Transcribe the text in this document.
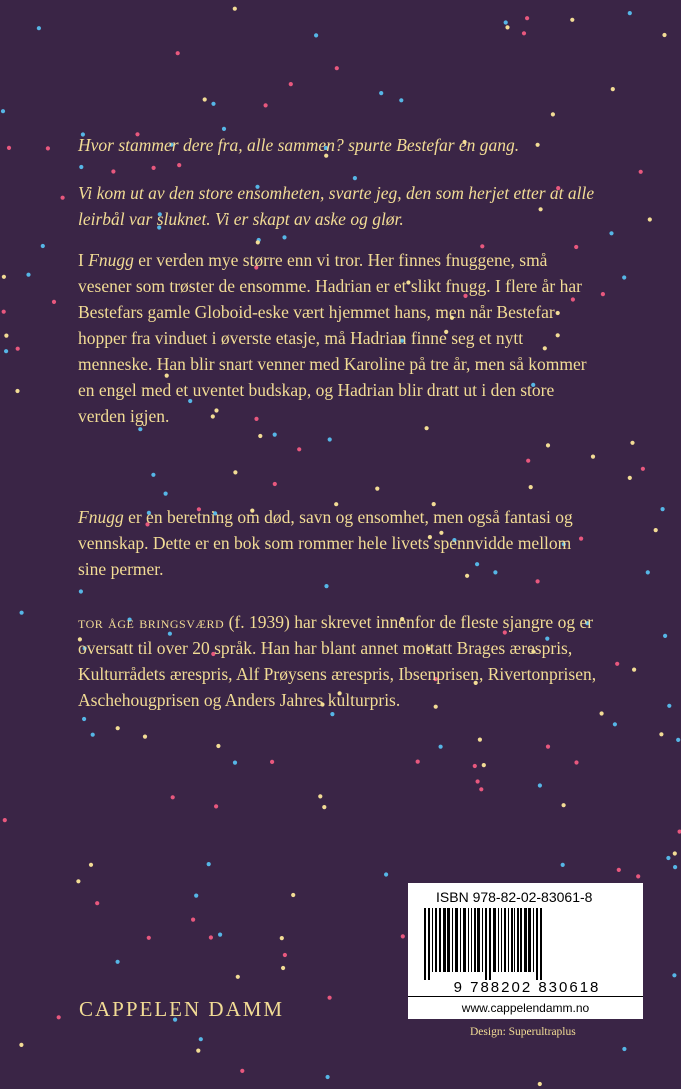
Hvor stammer dere fra, alle sammen? spurte Bestefar en gang.
Vi kom ut av den store ensomheten, svarte jeg, den som herjet etter at alle leirbål var sluknet. Vi er skapt av aske og glør.
I Fnugg er verden mye større enn vi tror. Her finnes fnuggene, små vesener som trøster de ensomme. Hadrian er et slikt fnugg. I flere år har Bestefars gamle Globoid-eske vært hjemmet hans, men når Bestefar hopper fra vinduet i øverste etasje, må Hadrian finne seg et nytt menneske. Han blir snart venner med Karoline på tre år, men så kommer en engel med et uventet budskap, og Hadrian blir dratt ut i den store verden igjen.
Fnugg er en beretning om død, savn og ensomhet, men også fantasi og vennskap. Dette er en bok som rommer hele livets spennvidde mellom sine permer.
tor åge bringsværd (f. 1939) har skrevet innenfor de fleste sjangre og er oversatt til over 20 språk. Han har blant annet mottatt Brages ærespris, Kulturrådets ærespris, Alf Prøysens ærespris, Ibsenprisen, Rivertonprisen, Aschehougprisen og Anders Jahres kulturpris.
ISBN 978-82-02-83061-8
9 788202 830618
www.cappelendamm.no
CAPPELEN DAMM
Design: Superultraplus
